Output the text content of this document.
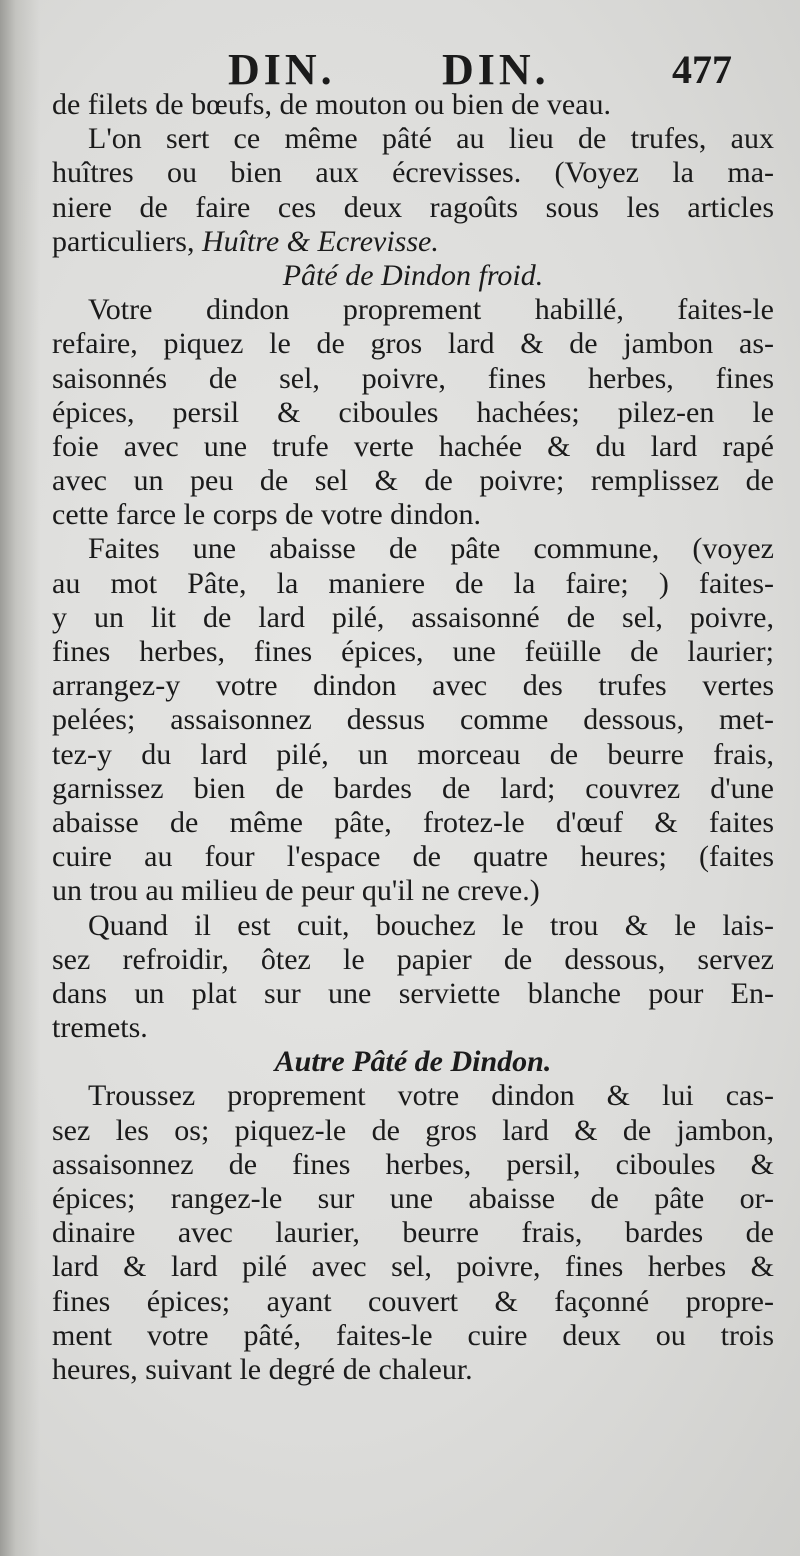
DIN. DIN.	477
de filets de bœufs, de mouton ou bien de veau.
L'on sert ce même pâté au lieu de trufes, aux
huîtres ou bien aux écrevisses. (Voyez la ma-
niere de faire ces deux ragoûts sous les articles
particuliers, Huître & Ecrevisse.
Pâté de Dindon froid.
Votre dindon proprement habillé, faites-le
refaire, piquez le de gros lard & de jambon as-
saisonnés de sel, poivre, fines herbes, fines
épices, persil & ciboules hachées; pilez-en le
foie avec une trufe verte hachée & du lard rapé
avec un peu de sel & de poivre; remplissez de
cette farce le corps de votre dindon.
Faites une abaisse de pâte commune, (voyez
au mot Pâte, la maniere de la faire; ) faites-
y un lit de lard pilé, assaisonné de sel, poivre,
fines herbes, fines épices, une feüille de laurier;
arrangez-y votre dindon avec des trufes vertes
pelées; assaisonnez dessus comme dessous, met-
tez-y du lard pilé, un morceau de beurre frais,
garnissez bien de bardes de lard; couvrez d'une
abaisse de même pâte, frotez-le d'œuf & faites
cuire au four l'espace de quatre heures; (faites
un trou au milieu de peur qu'il ne creve.)
Quand il est cuit, bouchez le trou & le lais-
sez refroidir, ôtez le papier de dessous, servez
dans un plat sur une serviette blanche pour En-
tremets.
Autre Pâté de Dindon.
Troussez proprement votre dindon & lui cas-
sez les os; piquez-le de gros lard & de jambon,
assaisonnez de fines herbes, persil, ciboules &
épices; rangez-le sur une abaisse de pâte or-
dinaire avec laurier, beurre frais, bardes de
lard & lard pilé avec sel, poivre, fines herbes &
fines épices; ayant couvert & façonné propre-
ment votre pâté, faites-le cuire deux ou trois
heures, suivant le degré de chaleur.
